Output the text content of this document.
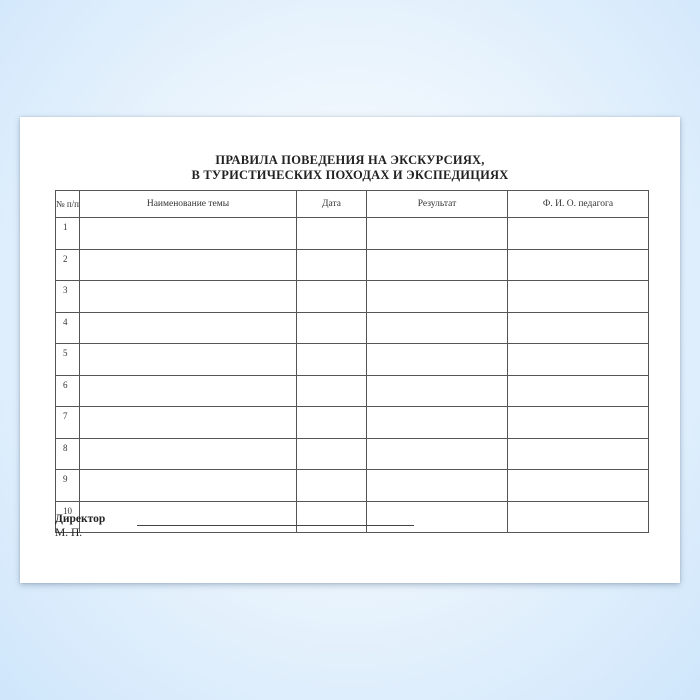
ПРАВИЛА ПОВЕДЕНИЯ НА ЭКСКУРСИЯХ,
В ТУРИСТИЧЕСКИХ ПОХОДАХ И ЭКСПЕДИЦИЯХ
№ п/п	Наименование темы	Дата	Результат	Ф. И. О. педагога
1				
2				
3				
4				
5				
6				
7				
8				
9				
10				
Директор
М. П.
